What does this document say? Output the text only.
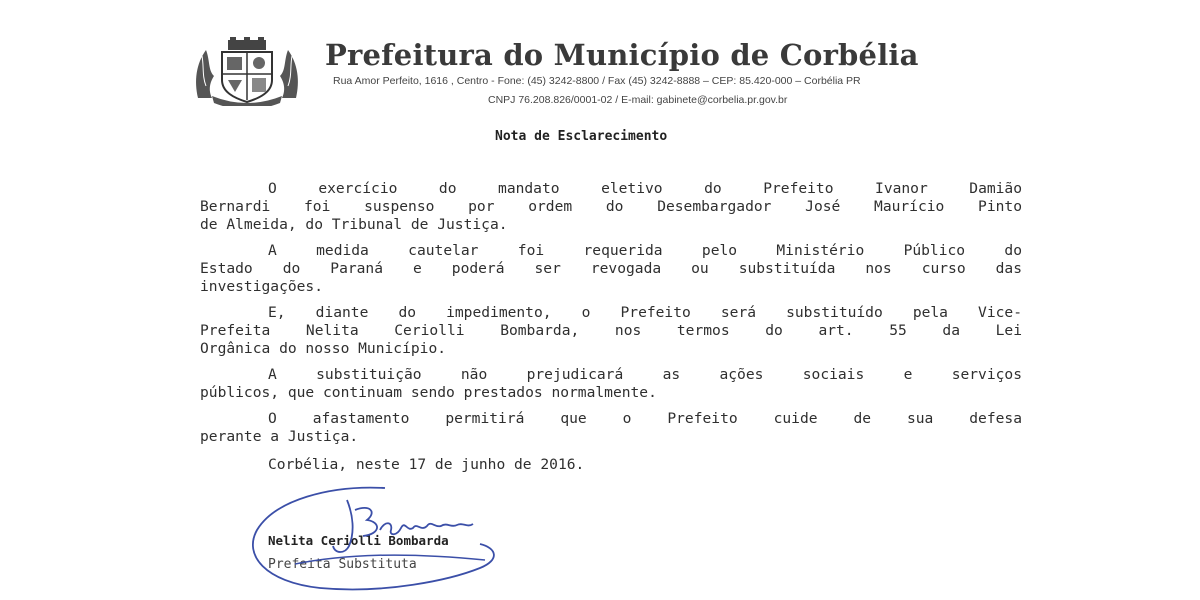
Prefeitura do Município de Corbélia
Rua Amor Perfeito, 1616 , Centro - Fone: (45) 3242-8800 / Fax (45) 3242-8888 – CEP: 85.420-000 – Corbélia PR
CNPJ 76.208.826/0001-02 / E-mail: gabinete@corbelia.pr.gov.br
Nota de Esclarecimento
O exercício do mandato eletivo do Prefeito Ivanor Damião
Bernardi foi suspenso por ordem do Desembargador José Maurício Pinto
de Almeida, do Tribunal de Justiça.
A medida cautelar foi requerida pelo Ministério Público do
Estado do Paraná e poderá ser revogada ou substituída nos curso das
investigações.
E, diante do impedimento, o Prefeito será substituído pela Vice-
Prefeita Nelita Ceriolli Bombarda, nos termos do art. 55 da Lei
Orgânica do nosso Município.
A substituição não prejudicará as ações sociais e serviços
públicos, que continuam sendo prestados normalmente.
O afastamento permitirá que o Prefeito cuide de sua defesa
perante a Justiça.
Corbélia, neste 17 de junho de 2016.
Nelita Ceriolli Bombarda
Prefeita Substituta
